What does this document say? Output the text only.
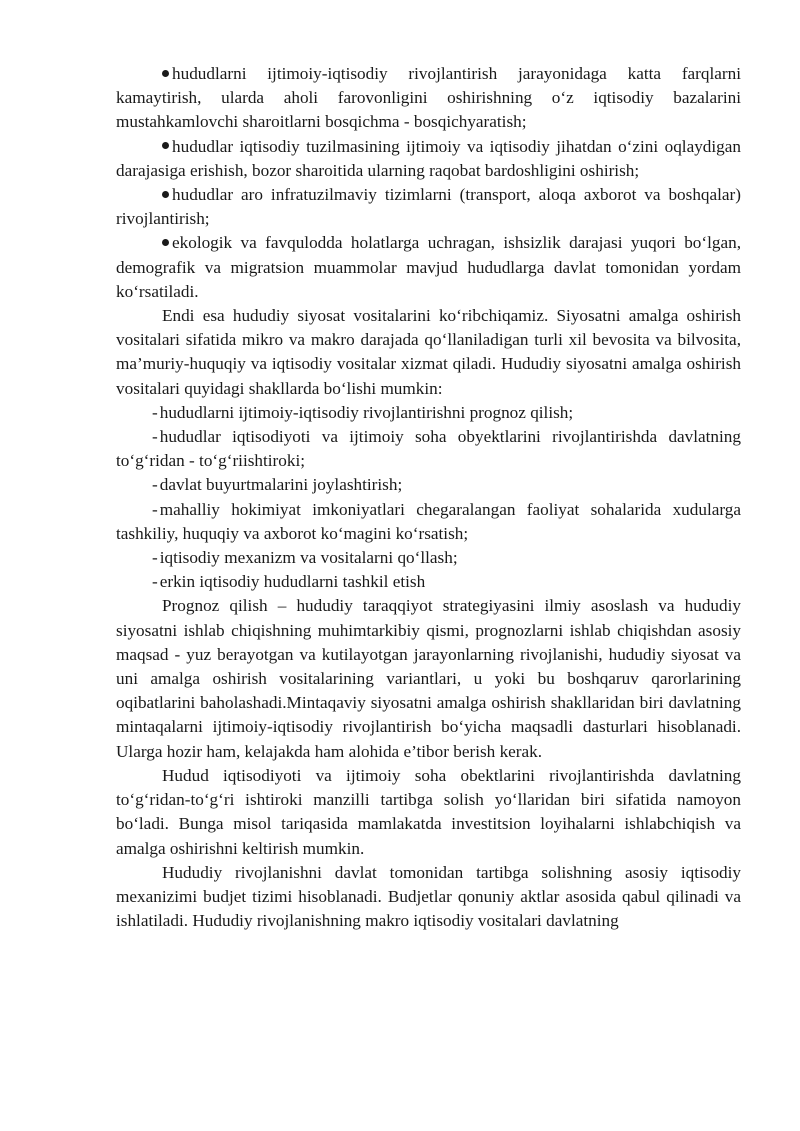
hududlarni ijtimoiy-iqtisodiy rivojlantirish jarayonidaga katta farqlarni kamaytirish, ularda aholi farovonligini oshirishning o‘z iqtisodiy bazalarini mustahkamlovchi sharoitlarni bosqichma - bosqichyaratish;

hududlar iqtisodiy tuzilmasining ijtimoiy va iqtisodiy jihatdan o‘zini oqlaydigan darajasiga erishish, bozor sharoitida ularning raqobat bardoshligini oshirish;

hududlar aro infratuzilmaviy tizimlarni (transport, aloqa axborot va boshqalar) rivojlantirish;

ekologik va favqulodda holatlarga uchragan, ishsizlik darajasi yuqori bo‘lgan, demografik va migratsion muammolar mavjud hududlarga davlat tomonidan yordam ko‘rsatiladi.

Endi esa hududiy siyosat vositalarini ko‘ribchiqamiz. Siyosatni amalga oshirish vositalari sifatida mikro va makro darajada qo‘llaniladigan turli xil bevosita va bilvosita, ma’muriy-huquqiy va iqtisodiy vositalar xizmat qiladi. Hududiy siyosatni amalga oshirish vositalari quyidagi shakllarda bo‘lishi mumkin:

- hududlarni ijtimoiy-iqtisodiy rivojlantirishni prognoz qilish;

- hududlar iqtisodiyoti va ijtimoiy soha obyektlarini rivojlantirishda davlatning to‘g‘ridan - to‘g‘riishtiroki;

- davlat buyurtmalarini joylashtirish;

- mahalliy hokimiyat imkoniyatlari chegaralangan faoliyat sohalarida xudularga tashkiliy, huquqiy va axborot ko‘magini ko‘rsatish;

- iqtisodiy mexanizm va vositalarni qo‘llash;

- erkin iqtisodiy hududlarni tashkil etish

Prognoz qilish – hududiy taraqqiyot strategiyasini ilmiy asoslash va hududiy siyosatni ishlab chiqishning muhimtarkibiy qismi, prognozlarni ishlab chiqishdan asosiy maqsad - yuz berayotgan va kutilayotgan jarayonlarning rivojlanishi, hududiy siyosat va uni amalga oshirish vositalarining variantlari, u yoki bu boshqaruv qarorlarining oqibatlarini baholashadi.Mintaqaviy siyosatni amalga oshirish shakllaridan biri davlatning mintaqalarni ijtimoiy-iqtisodiy rivojlantirish bo‘yicha maqsadli dasturlari hisoblanadi. Ularga hozir ham, kelajakda ham alohida e’tibor berish kerak.

Hudud iqtisodiyoti va ijtimoiy soha obektlarini rivojlantirishda davlatning to‘g‘ridan-to‘g‘ri ishtiroki manzilli tartibga solish yo‘llaridan biri sifatida namoyon bo‘ladi. Bunga misol tariqasida mamlakatda investitsion loyihalarni ishlabchiqish va amalga oshirishni keltirish mumkin.

Hududiy rivojlanishni davlat tomonidan tartibga solishning asosiy iqtisodiy mexanizimi budjet tizimi hisoblanadi. Budjetlar qonuniy aktlar asosida qabul qilinadi va ishlatiladi. Hududiy rivojlanishning makro iqtisodiy vositalari davlatning
